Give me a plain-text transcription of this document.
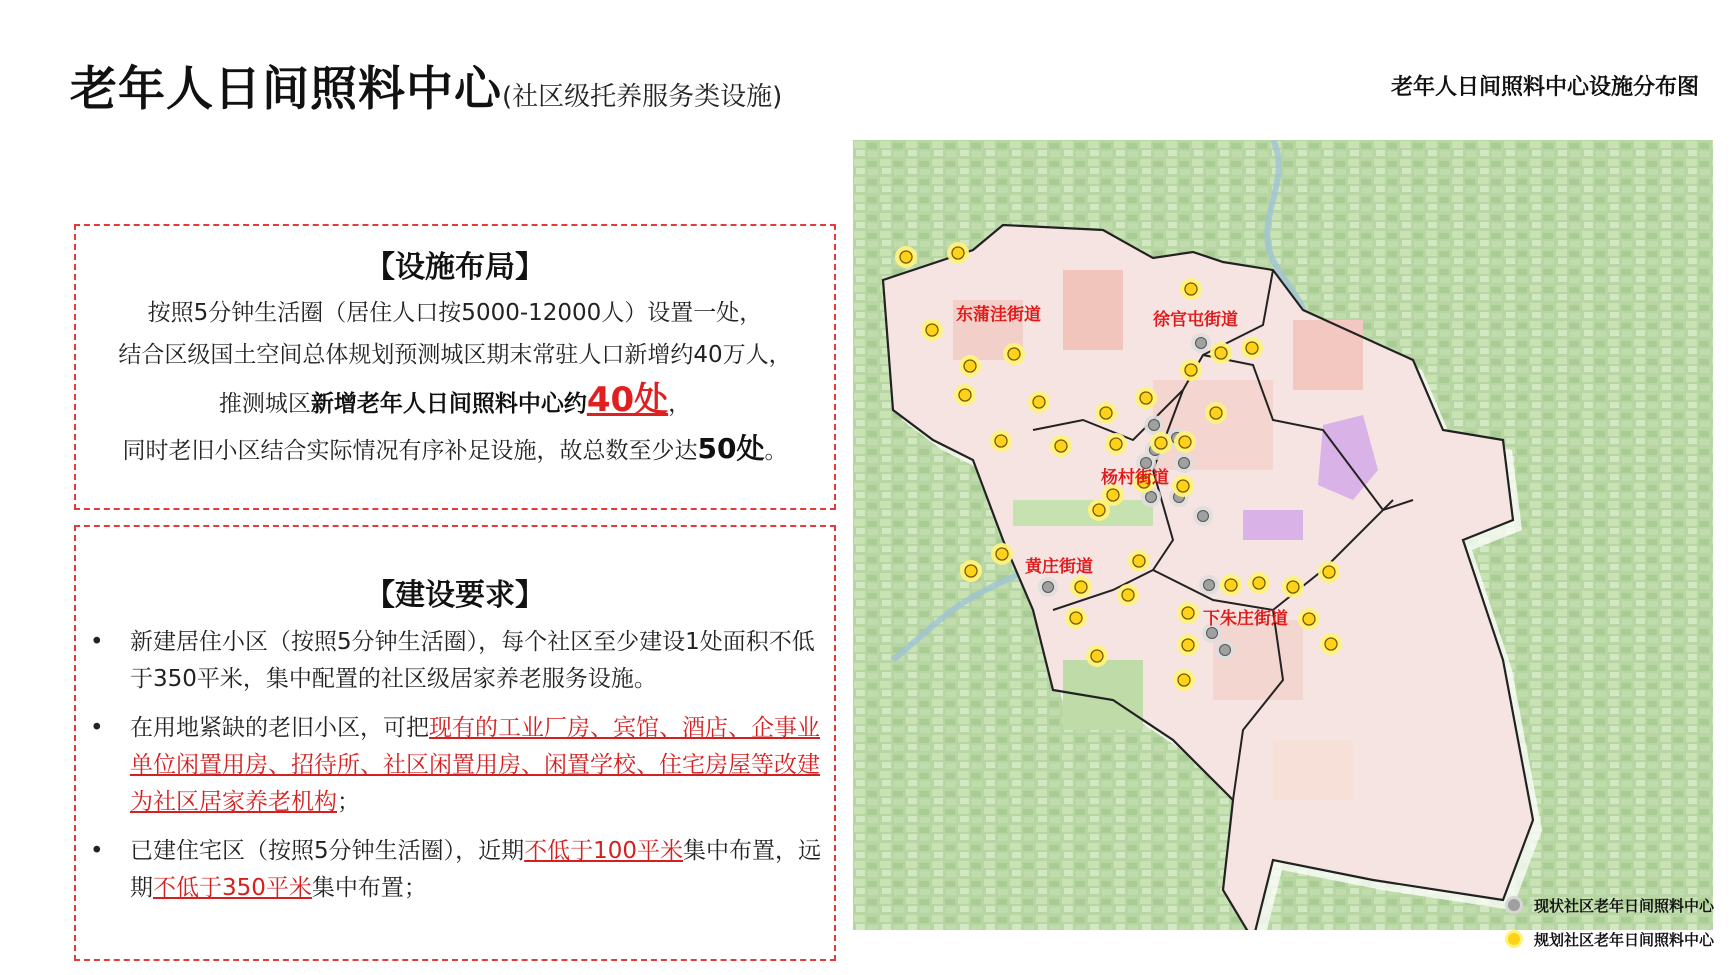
老年人日间照料中心(社区级托养服务类设施)	老年人日间照料中心设施分布图
【设施布局】
按照5分钟生活圈（居住人口按5000-12000人）设置一处，
结合区级国土空间总体规划预测城区期末常驻人口新增约40万人，
推测城区新增老年人日间照料中心约40处，
同时老旧小区结合实际情况有序补足设施，故总数至少达50处。
【建设要求】
• 新建居住小区（按照5分钟生活圈），每个社区至少建设1处面积不低于350平米，集中配置的社区级居家养老服务设施。
• 在用地紧缺的老旧小区，可把现有的工业厂房、宾馆、酒店、企事业单位闲置用房、招待所、社区闲置用房、闲置学校、住宅房屋等改建为社区居家养老机构；
• 已建住宅区（按照5分钟生活圈），近期不低于100平米集中布置，远期不低于350平米集中布置；
东蒲洼街道	徐官屯街道
杨村街道
黄庄街道
下朱庄街道
现状社区老年日间照料中心
规划社区老年日间照料中心
